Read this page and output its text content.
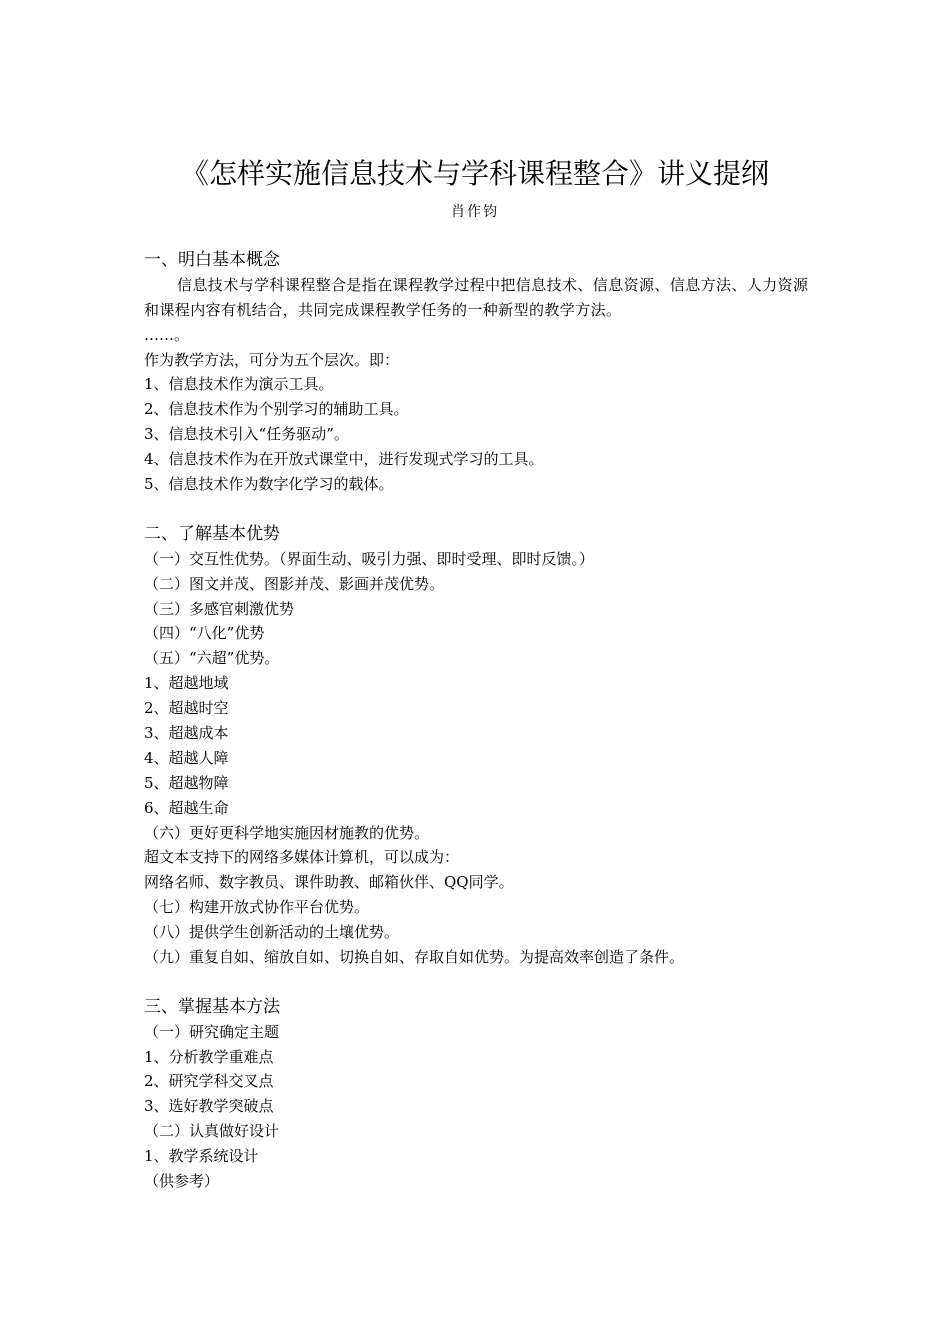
《怎样实施信息技术与学科课程整合》讲义提纲
肖作钧
一、明白基本概念
信息技术与学科课程整合是指在课程教学过程中把信息技术、信息资源、信息方法、人力资源和课程内容有机结合，共同完成课程教学任务的一种新型的教学方法。
……。
作为教学方法，可分为五个层次。即：
1、信息技术作为演示工具。
2、信息技术作为个别学习的辅助工具。
3、信息技术引入“任务驱动”。
4、信息技术作为在开放式课堂中，进行发现式学习的工具。
5、信息技术作为数字化学习的载体。
二、了解基本优势
（一）交互性优势。（界面生动、吸引力强、即时受理、即时反馈。）
（二）图文并茂、图影并茂、影画并茂优势。
（三）多感官刺激优势
（四）“八化”优势
（五）“六超”优势。
1、超越地域
2、超越时空
3、超越成本
4、超越人障
5、超越物障
6、超越生命
（六）更好更科学地实施因材施教的优势。
超文本支持下的网络多媒体计算机，可以成为：
网络名师、数字教员、课件助教、邮箱伙伴、QQ同学。
（七）构建开放式协作平台优势。
（八）提供学生创新活动的土壤优势。
（九）重复自如、缩放自如、切换自如、存取自如优势。为提高效率创造了条件。
三、掌握基本方法
（一）研究确定主题
1、分析教学重难点
2、研究学科交叉点
3、选好教学突破点
（二）认真做好设计
1、教学系统设计
（供参考）
